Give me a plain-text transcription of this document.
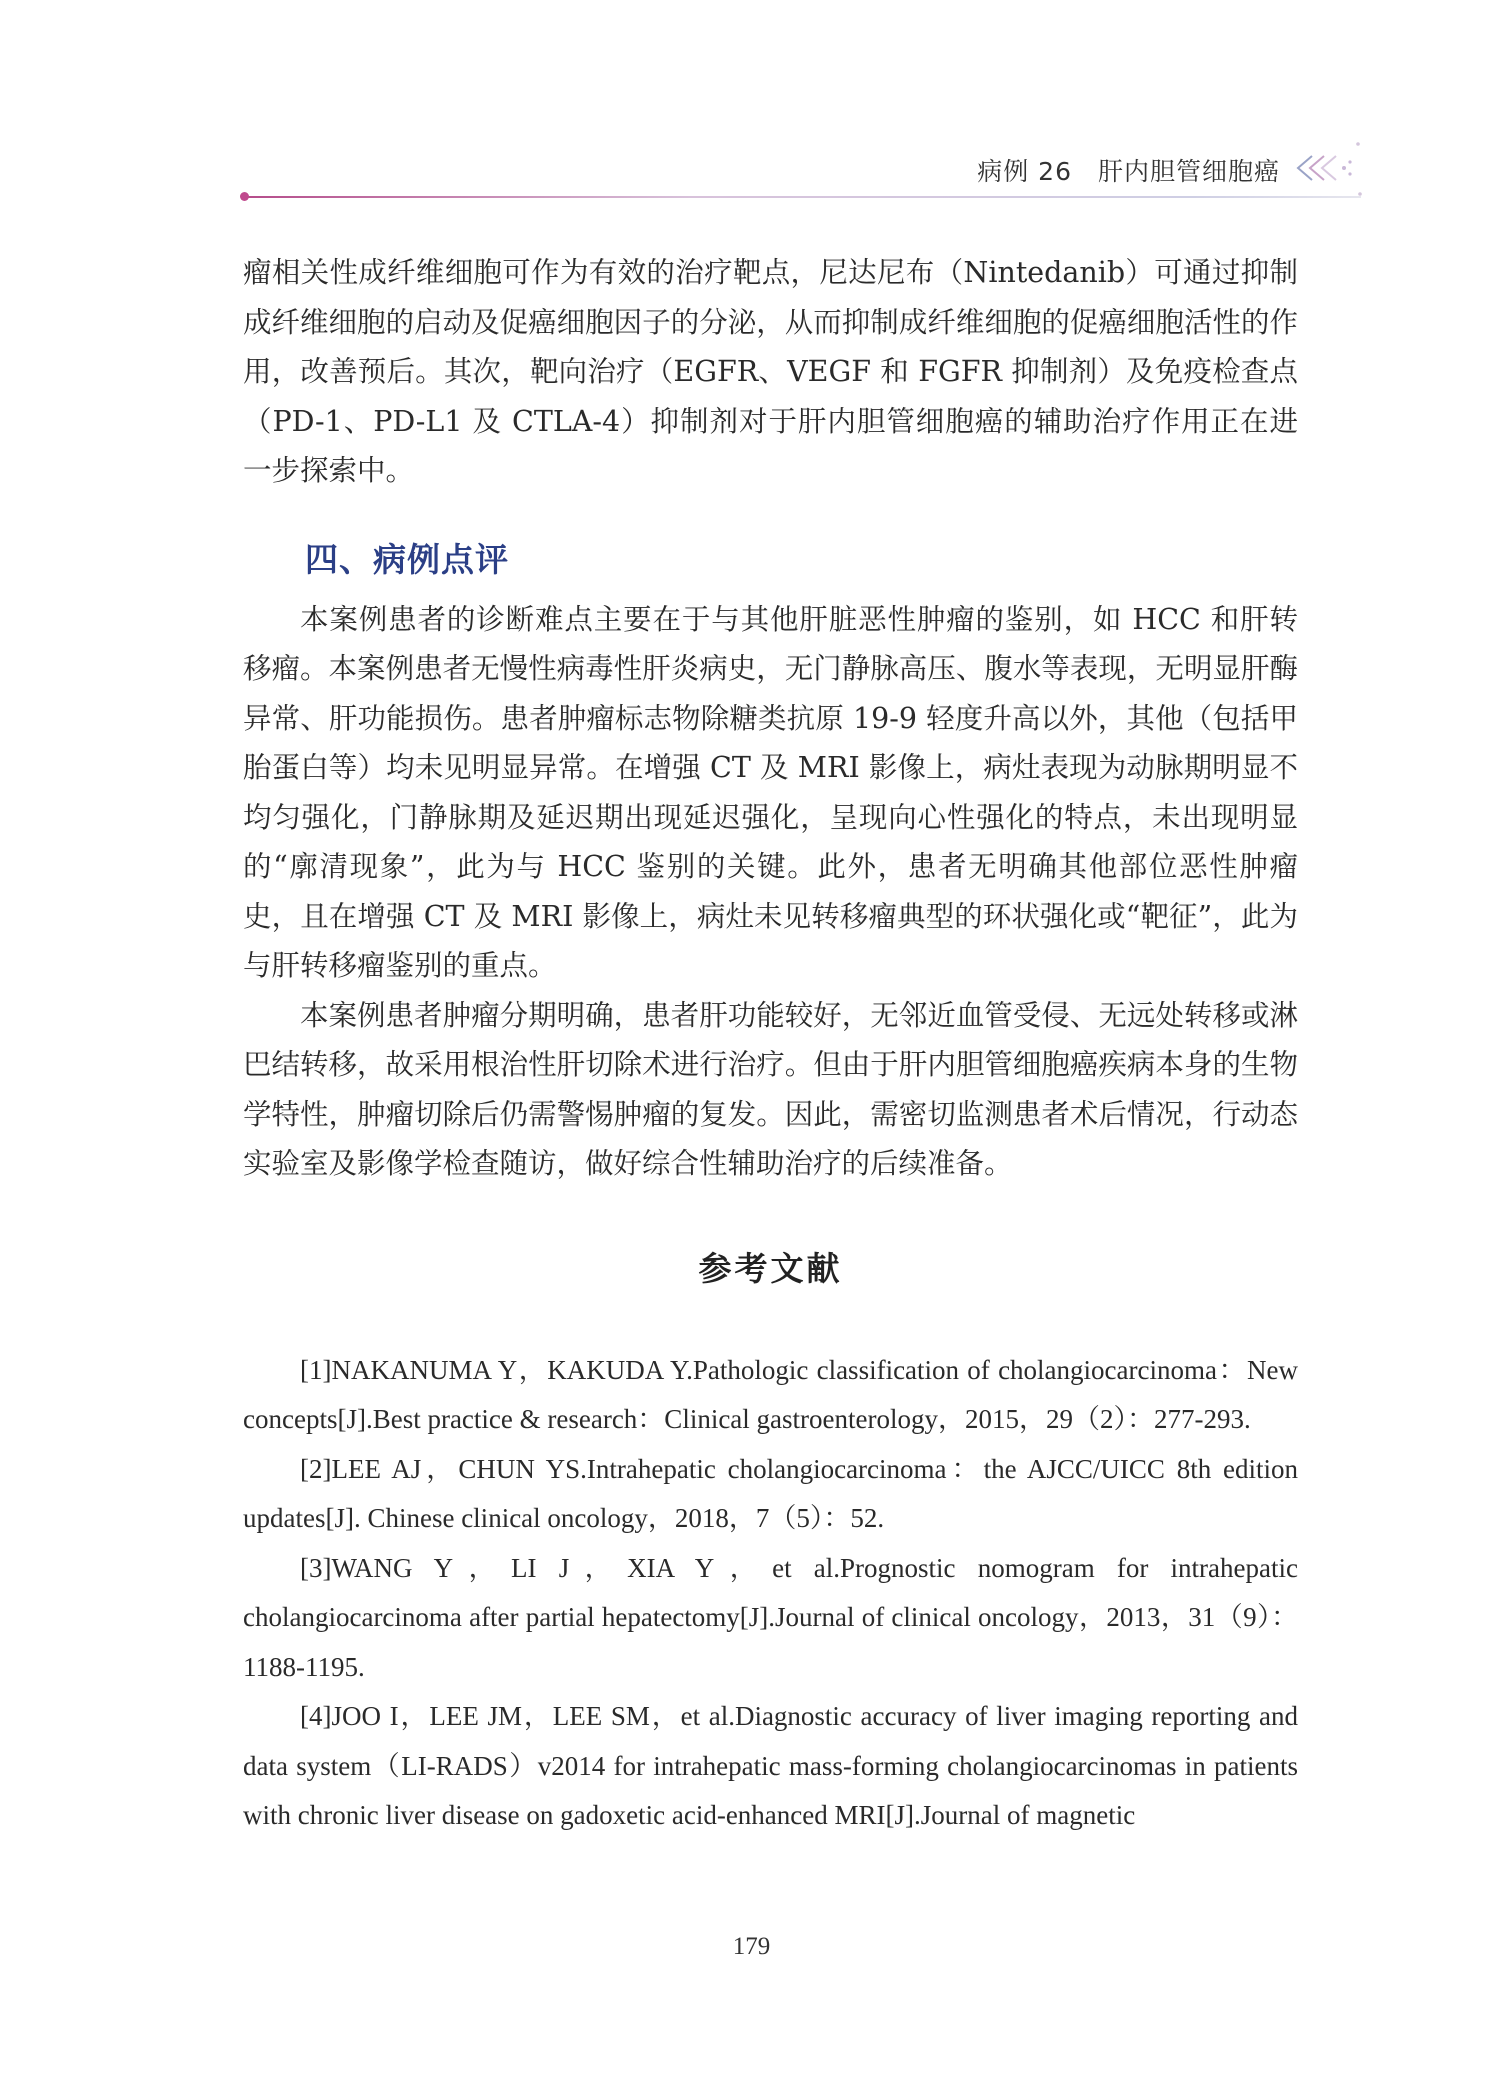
病例 26 肝内胆管细胞癌

瘤相关性成纤维细胞可作为有效的治疗靶点，尼达尼布（Nintedanib）可通过抑制成纤维细胞的启动及促癌细胞因子的分泌，从而抑制成纤维细胞的促癌细胞活性的作用，改善预后。其次，靶向治疗（EGFR、VEGF 和 FGFR 抑制剂）及免疫检查点（PD-1、PD-L1 及 CTLA-4）抑制剂对于肝内胆管细胞癌的辅助治疗作用正在进一步探索中。

四、病例点评

本案例患者的诊断难点主要在于与其他肝脏恶性肿瘤的鉴别，如 HCC 和肝转移瘤。本案例患者无慢性病毒性肝炎病史，无门静脉高压、腹水等表现，无明显肝酶异常、肝功能损伤。患者肿瘤标志物除糖类抗原 19-9 轻度升高以外，其他（包括甲胎蛋白等）均未见明显异常。在增强 CT 及 MRI 影像上，病灶表现为动脉期明显不均匀强化，门静脉期及延迟期出现延迟强化，呈现向心性强化的特点，未出现明显的“廓清现象”，此为与 HCC 鉴别的关键。此外，患者无明确其他部位恶性肿瘤史，且在增强 CT 及 MRI 影像上，病灶未见转移瘤典型的环状强化或“靶征”，此为与肝转移瘤鉴别的重点。

本案例患者肿瘤分期明确，患者肝功能较好，无邻近血管受侵、无远处转移或淋巴结转移，故采用根治性肝切除术进行治疗。但由于肝内胆管细胞癌疾病本身的生物学特性，肿瘤切除后仍需警惕肿瘤的复发。因此，需密切监测患者术后情况，行动态实验室及影像学检查随访，做好综合性辅助治疗的后续准备。

参考文献

[1]NAKANUMA Y，KAKUDA Y.Pathologic classification of cholangiocarcinoma：New concepts[J].Best practice & research：Clinical gastroenterology，2015，29（2）：277-293.

[2]LEE AJ，CHUN YS.Intrahepatic cholangiocarcinoma：the AJCC/UICC 8th edition updates[J]. Chinese clinical oncology，2018，7（5）：52.

[3]WANG Y，LI J，XIA Y，et al.Prognostic nomogram for intrahepatic cholangiocarcinoma after partial hepatectomy[J].Journal of clinical oncology，2013，31（9）：1188-1195.

[4]JOO I，LEE JM，LEE SM，et al.Diagnostic accuracy of liver imaging reporting and data system（LI-RADS）v2014 for intrahepatic mass-forming cholangiocarcinomas in patients with chronic liver disease on gadoxetic acid-enhanced MRI[J].Journal of magnetic

179
